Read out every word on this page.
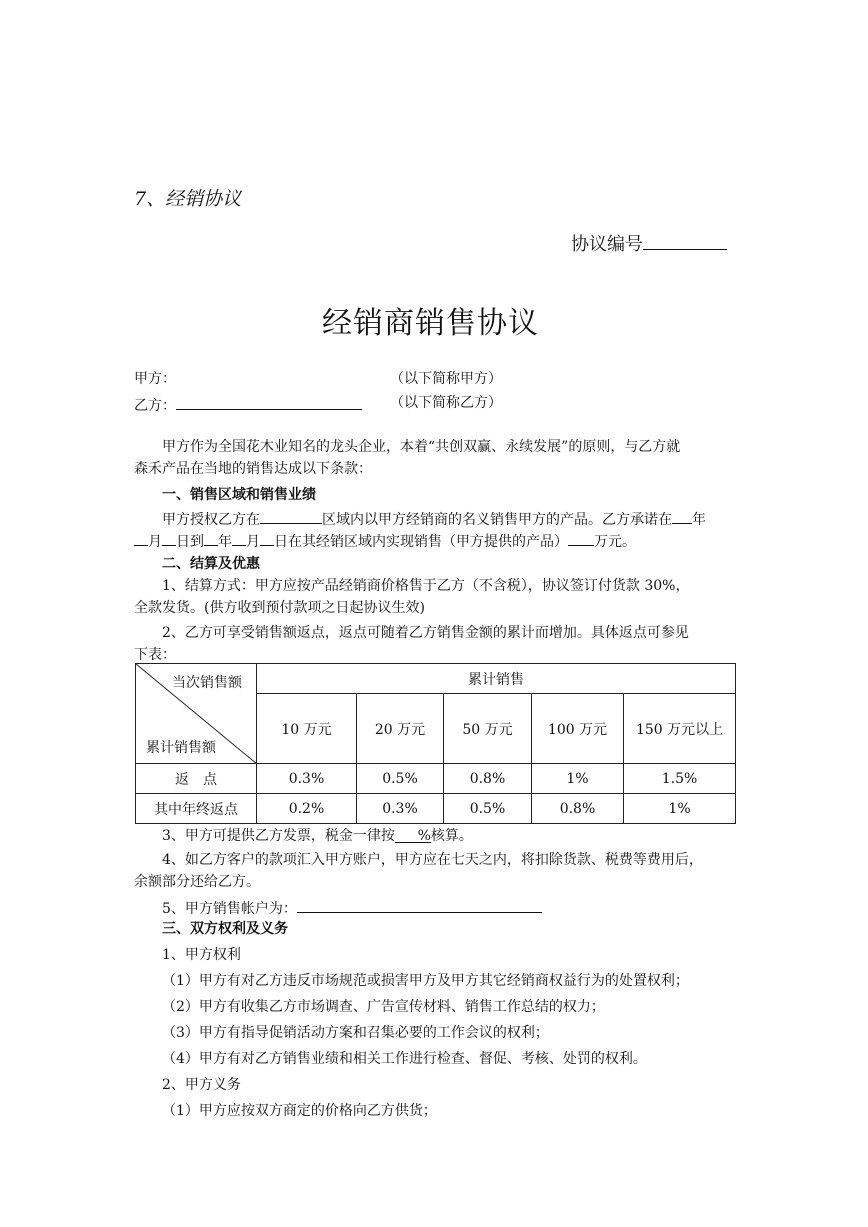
7、经销协议
协议编号
经销商销售协议
甲方：	（以下简称甲方）
乙方：	（以下简称乙方）
甲方作为全国花木业知名的龙头企业，本着“共创双赢、永续发展”的原则，与乙方就
森禾产品在当地的销售达成以下条款：
一、销售区域和销售业绩
甲方授权乙方在	区域内以甲方经销商的名义销售甲方的产品。乙方承诺在 年
月 日到 年 月 日在其经销区域内实现销售（甲方提供的产品） 万元。
二、结算及优惠
1、结算方式：甲方应按产品经销商价格售于乙方（不含税），协议签订付货款 30%，
全款发货。(供方收到预付款项之日起协议生效)
2、乙方可享受销售额返点，返点可随着乙方销售金额的累计而增加。具体返点可参见
下表：
当次销售额
累计销售额	累计销售				
	10 万元	20 万元	50 万元	100 万元	150 万元以上
返　点	0.3%	0.5%	0.8%	1%	1.5%
其中年终返点	0.2%	0.3%	0.5%	0.8%	1%
3、甲方可提供乙方发票，税金一律按 %核算。
4、如乙方客户的款项汇入甲方账户，甲方应在七天之内，将扣除货款、税费等费用后，
余额部分还给乙方。
5、甲方销售帐户为：
三、双方权利及义务
1、甲方权利
（1）甲方有对乙方违反市场规范或损害甲方及甲方其它经销商权益行为的处置权利；
（2）甲方有收集乙方市场调查、广告宣传材料、销售工作总结的权力；
（3）甲方有指导促销活动方案和召集必要的工作会议的权利；
（4）甲方有对乙方销售业绩和相关工作进行检查、督促、考核、处罚的权利。
2、甲方义务
（1）甲方应按双方商定的价格向乙方供货；
